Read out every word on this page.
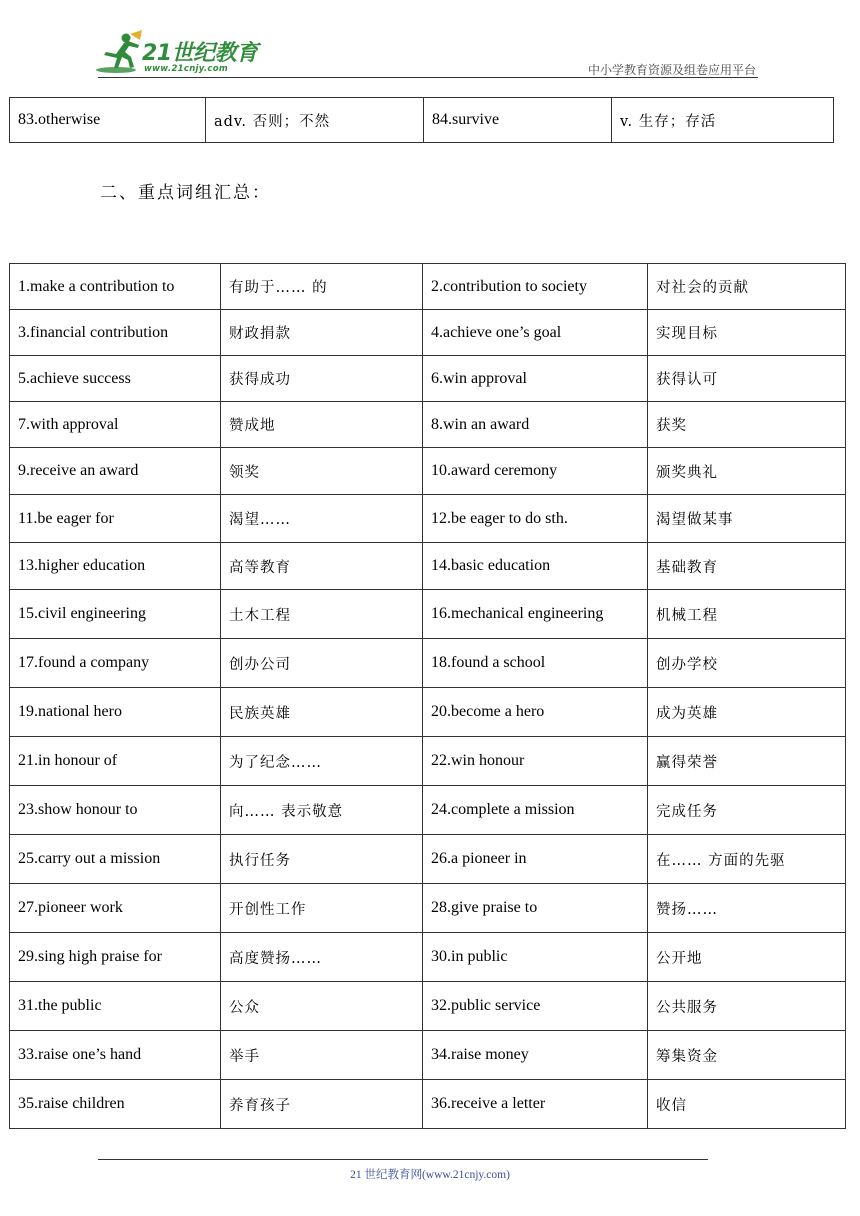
21世纪教育
www.21cnjy.com	中小学教育资源及组卷应用平台
83.otherwise	adv. 否则；不然	84.survive	v. 生存；存活
二、重点词组汇总：
1.make a contribution to	有助于…… 的	2.contribution to society	对社会的贡献
3.financial contribution	财政捐款	4.achieve one’s goal	实现目标
5.achieve success	获得成功	6.win approval	获得认可
7.with approval	赞成地	8.win an award	获奖
9.receive an award	领奖	10.award ceremony	颁奖典礼
11.be eager for	渴望……	12.be eager to do sth.	渴望做某事
13.higher education	高等教育	14.basic education	基础教育
15.civil engineering	土木工程	16.mechanical engineering	机械工程
17.found a company	创办公司	18.found a school	创办学校
19.national hero	民族英雄	20.become a hero	成为英雄
21.in honour of	为了纪念……	22.win honour	赢得荣誉
23.show honour to	向…… 表示敬意	24.complete a mission	完成任务
25.carry out a mission	执行任务	26.a pioneer in	在…… 方面的先驱
27.pioneer work	开创性工作	28.give praise to	赞扬……
29.sing high praise for	高度赞扬……	30.in public	公开地
31.the public	公众	32.public service	公共服务
33.raise one’s hand	举手	34.raise money	筹集资金
35.raise children	养育孩子	36.receive a letter	收信
21 世纪教育网(www.21cnjy.com)
